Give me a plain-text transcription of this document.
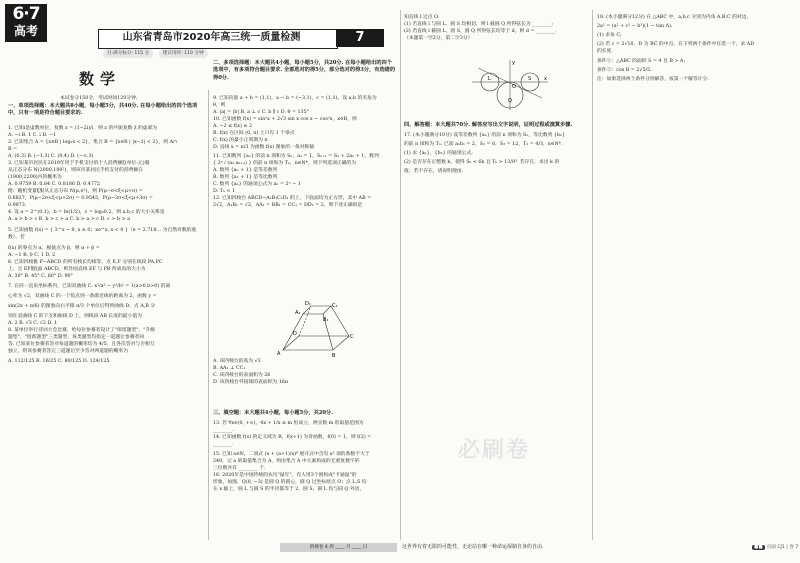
6·7
高考	山东省青岛市2020年高三统一质量检测	7
目·满分标分: 115 分	建议用时: 110 分钟
数学
本试卷分150分，考试时间120分钟。
一、单项选择题：本大题共8小题，每小题5分，共40分. 在每小题给出的四个选项中，只有一项是符合题目要求的.
1. 已知i是虚数单位，复数 z = (1−2i)/i，则 z 的共轭复数 z̄ 的虚部为
A. −i B. 1 C. i D. −1
2. 已知集合 A = {x∈R | log₂x < 2}，集合 B = {x∈R | |x−1| < 2}，则 A∩
B =
A. (0,3) B. (−1,3) C. (0,4) D. (−∞,3)
3. 已知某市居民在2019年用于手机支付的个人消费额ξ(单位:元)服
从正态分布 N(2000,100²)，则该市某居民手机支付的消费额在
(1900,2200)内的概率为
A. 0.9759 B. 0.84 C. 0.8186 D. 0.4772
附：随机变量ξ服从正态分布 N(μ,σ²)，则 P(μ−σ<ξ<μ+σ) =
0.6827，P(μ−2σ<ξ<μ+2σ) = 0.9545，P(μ−3σ<ξ<μ+3σ) =
0.9973.
4. 设 a = 2^(0.1)，b = ln(1/2)，c = log₂0.2，则 a,b,c 的大小关系是
A. a > b > c B. b > c > a C. b > a > c D. c > b > a
5. 已知函数 f(x) = { 3^x − 9, x ≥ 0；xe^x, x < 0 }（e = 2.718… 为自然对数的底数），若
f(x) 的零点为 α，极值点为 β，则 α + β =
A. −1 B. 0 C. 1 D. 2
6. 已知四棱锥 P−ABCD 的所有棱长均相等，点 E,F 分别在线段 PA,PC
上，且 EF∥底面 ABCD，则异面直线 EF 与 PB 所成角的大小为
A. 30° B. 45° C. 60° D. 90°
7. 在同一直角坐标系内，已知双曲线 C: x²/a² − y²/b² = 1(a>0,b>0) 的离
心率为 √2，双曲线 C 的一个焦点到一条渐近线的距离为 2，函数 y =
sin(2x + π/6) 的图象向右平移 π/3 个单位后得到曲线 D，点 A,B 分
别在双曲线 C 的下支和曲线 D 上，则线段 AB 长度的最小值为
A. 2 B. √3 C. √2 D. 1
8. 某单位举行诗词大会比赛，给每位参赛者设计了"保留题型"、"升级
题型"、"创新题型"三类题型，每类题型均指定一道题让参赛者回
答. 已知某位参赛者答对每道题的概率均为 4/5，且各次答对与否相互
独立，则该参赛者答完三道题后至少答对两道题的概率为
A. 112/125 B. 16/25 C. 80/125 D. 124/125
二、多项选择题：本大题共4小题，每小题5分，共20分. 在每小题给出的四个选项中，有多项符合题目要求. 全部选对的得5分，部分选对的得3分，有选错的得0分.
9. 已知向量 a + b = (1,1)，a − b = (−3,1)，c = (1,1)，设 a,b 的夹角为
θ，则
A. |a| = |b| B. a ⊥ c C. b ∥ c D. θ = 135°
10. 已知函数 f(x) = sin²x + 2√3 sin x cos x − cos²x，x∈R，则
A. −2 ≤ f(x) ≤ 2
B. f(x) 在区间 (0, π) 上只有 1 个零点
C. f(x) 的最小正周期为 π
D. 直线 x = π/3 为函数 f(x) 图象的一条对称轴
11. 已知数列 {aₙ} 的前 n 项和为 Sₙ，a₁ = 1，Sₙ₊₁ = Sₙ + 2aₙ + 1，数列
{ 2ⁿ / (aₙ·aₙ₊₁) } 的前 n 项和为 Tₙ，n∈N*，则下列选项正确的为
A. 数列 {aₙ + 1} 是等差数列
B. 数列 {aₙ + 1} 是等比数列
C. 数列 {aₙ} 的通项公式为 aₙ = 2ⁿ − 1
D. Tₙ < 1
12. 已知四棱台 ABCD−A₁B₁C₁D₁ 的上、下底面均为正方形，其中 AB =
2√2，A₁B₁ = √2，AA₁ = BB₁ = CC₁ = DD₁ = 2，则下述正确的是
A	B
C
D
A₁
B₁
C₁
D₁
A. 该四棱台的高为 √3
B. AA₁ ⊥ CC₁
C. 该四棱台的表面积为 26
D. 该四棱台外接球的表面积为 16π
三、填空题：本大题共4小题，每小题5分，共20分.
13. 若 ∀x∈(0, +∞)，4x + 1/x ≥ m 恒成立，则实数 m 的取值范围为
________.
14. 已知函数 f(x) 的定义域为 R，f(x+1) 为奇函数，f(0) = 1，则 f(2) =
________.
15. 已知 a∈N，二项式 (x + (a+1)/x)⁶ 展开式中含有 x² 项的系数不大于
240，记 a 的取值集合为 A，则由集合 A 中元素构成的无重复数字的
三位数共有 ________ 个.
16. 2020年是中国传统的农历"鼠年"，有人用3个圆构成"卡通鼠"的
形象，如图，Q(0, −3) 是圆 Q 的圆心，圆 Q 过坐标原点 O；点 L,S 均
在 x 轴上，圆 L 与圆 S 的半径都等于 2，圆 S、圆 L 均与圆 Q 外切，
知直线 l 过点 O.
(1) 若直线 l 与圆 L、圆 S 均相切，则 l 截圆 Q 所得弦长为 ________;
(2) 若直线 l 截圆 L、圆 S、圆 Q 所得弦长均等于 d，则 d = ________.
（本题第一空2分，第二空3分）
y
x
O
L	S
Q
四、解答题：本大题共70分. 解答应写出文字说明，证明过程或演算步骤.
17. (本小题满分10分) 设等差数列 {aₙ} 的前 n 项和为 Sₙ，等比数列 {bₙ}
的前 n 项和为 Tₙ. 已知 a₁b₁ = 2，S₂ = 6，S₃ = 12，T₂ = 4/3，n∈N*.
(1) 求 {aₙ}，{bₙ} 的通项公式;
(2) 是否存在正整数 k，使得 Sₖ < 6k 且 Tₖ > 13/9？若存在，求出 k 的
值；若不存在，请说明理由.
必刷卷
18. (本小题满分12分) 在 △ABC 中，a,b,c 分别为内角 A,B,C 的对边，
2a² = (a² + c² − b²)(1 − tan A).
(1) 求角 C;
(2) 若 c = 2√10，D 为 BC 的中点，在下列两个条件中任选一个，求 AD
的长度.
条件①：△ABC 的面积 S = 4 且 B > A;
条件②：cos B = 2√5/5.
注：如果选择两个条件分别解答，按第一个解答计分.
阶梯卷 4 周 ____ 月 ____ 日	这世界有着无限的可能性，无论站在哪一种命运保制自身的自由.	■■ 页面 CJ1 | 卷 7
